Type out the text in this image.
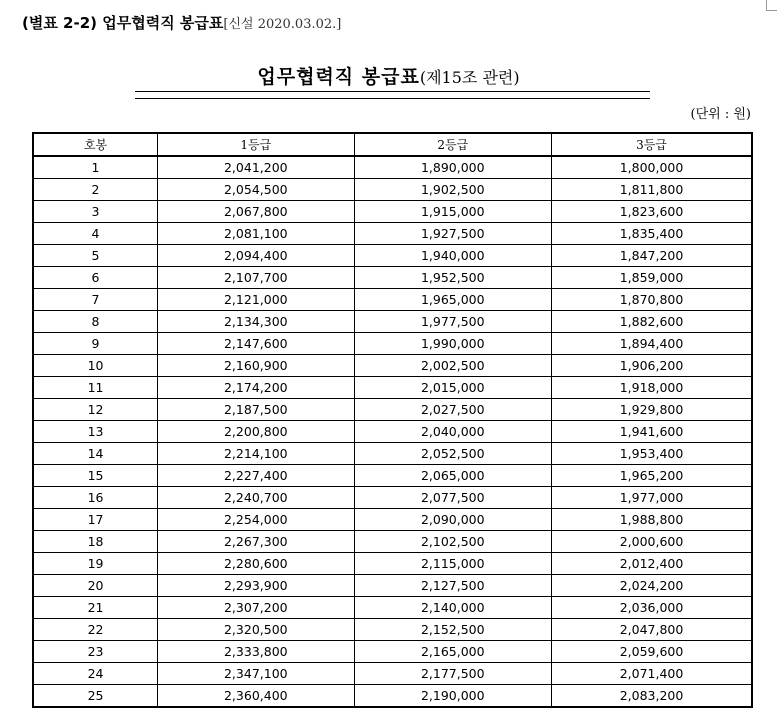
(별표 2-2) 업무협력직 봉급표[신설 2020.03.02.]
업무협력직 봉급표(제15조 관련)
(단위 : 원)
호봉	1등급	2등급	3등급
1	2,041,200	1,890,000	1,800,000
2	2,054,500	1,902,500	1,811,800
3	2,067,800	1,915,000	1,823,600
4	2,081,100	1,927,500	1,835,400
5	2,094,400	1,940,000	1,847,200
6	2,107,700	1,952,500	1,859,000
7	2,121,000	1,965,000	1,870,800
8	2,134,300	1,977,500	1,882,600
9	2,147,600	1,990,000	1,894,400
10	2,160,900	2,002,500	1,906,200
11	2,174,200	2,015,000	1,918,000
12	2,187,500	2,027,500	1,929,800
13	2,200,800	2,040,000	1,941,600
14	2,214,100	2,052,500	1,953,400
15	2,227,400	2,065,000	1,965,200
16	2,240,700	2,077,500	1,977,000
17	2,254,000	2,090,000	1,988,800
18	2,267,300	2,102,500	2,000,600
19	2,280,600	2,115,000	2,012,400
20	2,293,900	2,127,500	2,024,200
21	2,307,200	2,140,000	2,036,000
22	2,320,500	2,152,500	2,047,800
23	2,333,800	2,165,000	2,059,600
24	2,347,100	2,177,500	2,071,400
25	2,360,400	2,190,000	2,083,200
